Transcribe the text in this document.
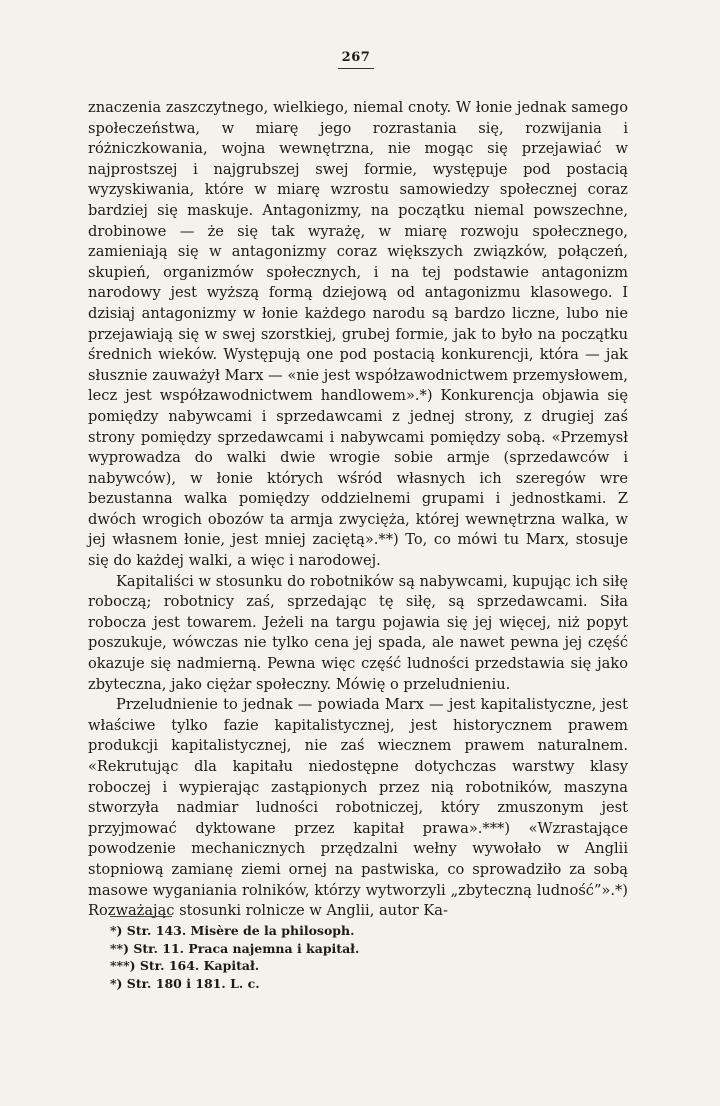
267

znaczenia zaszczytnego, wielkiego, niemal cnoty. W łonie jednak samego społeczeństwa, w miarę jego rozrastania się, rozwijania i różniczkowania, wojna wewnętrzna, nie mogąc się przejawiać w najprostszej i najgrubszej swej formie, występuje pod postacią wyzyskiwania, które w miarę wzrostu samowiedzy społecznej coraz bardziej się maskuje. Antagonizmy, na początku niemal powszechne, drobinowe — że się tak wyrażę, w miarę rozwoju społecznego, zamieniają się w antagonizmy coraz większych związków, połączeń, skupień, organizmów społecznych, i na tej podstawie antagonizm narodowy jest wyższą formą dziejową od antagonizmu klasowego. I dzisiaj antagonizmy w łonie każdego narodu są bardzo liczne, lubo nie przejawiają się w swej szorstkiej, grubej formie, jak to było na początku średnich wieków. Występują one pod postacią konkurencji, która — jak słusznie zauważył Marx — «nie jest współzawodnictwem przemysłowem, lecz jest współzawodnictwem handlowem».*) Konkurencja objawia się pomiędzy nabywcami i sprzedawcami z jednej strony, z drugiej zaś strony pomiędzy sprzedawcami i nabywcami pomiędzy sobą. «Przemysł wyprowadza do walki dwie wrogie sobie armje (sprzedawców i nabywców), w łonie których wśród własnych ich szeregów wre bezustanna walka pomiędzy oddzielnemi grupami i jednostkami. Z dwóch wrogich obozów ta armja zwycięża, której wewnętrzna walka, w jej własnem łonie, jest mniej zaciętą».**) To, co mówi tu Marx, stosuje się do każdej walki, a więc i narodowej.

Kapitaliści w stosunku do robotników są nabywcami, kupując ich siłę roboczą; robotnicy zaś, sprzedając tę siłę, są sprzedawcami. Siła robocza jest towarem. Jeżeli na targu pojawia się jej więcej, niż popyt poszukuje, wówczas nie tylko cena jej spada, ale nawet pewna jej część okazuje się nadmierną. Pewna więc część ludności przedstawia się jako zbyteczna, jako ciężar społeczny. Mówię o przeludnieniu.

Przeludnienie to jednak — powiada Marx — jest kapitalistyczne, jest właściwe tylko fazie kapitalistycznej, jest historycznem prawem produkcji kapitalistycznej, nie zaś wiecznem prawem naturalnem. «Rekrutując dla kapitału niedostępne dotychczas warstwy klasy roboczej i wypierając zastąpionych przez nią robotników, maszyna stworzyła nadmiar ludności robotniczej, który zmuszonym jest przyjmować dyktowane przez kapitał prawa».***) «Wzrastające powodzenie mechanicznych przędzalni wełny wywołało w Anglii stopniową zamianę ziemi ornej na pastwiska, co sprowadziło za sobą masowe wyganiania rolników, którzy wytworzyli „zbyteczną ludność”».*) Rozważając stosunki rolnicze w Anglii, autor Ka-

*) Str. 143. Misère de la philosoph.
**) Str. 11. Praca najemna i kapitał.
***) Str. 164. Kapitał.
*) Str. 180 i 181. L. c.
